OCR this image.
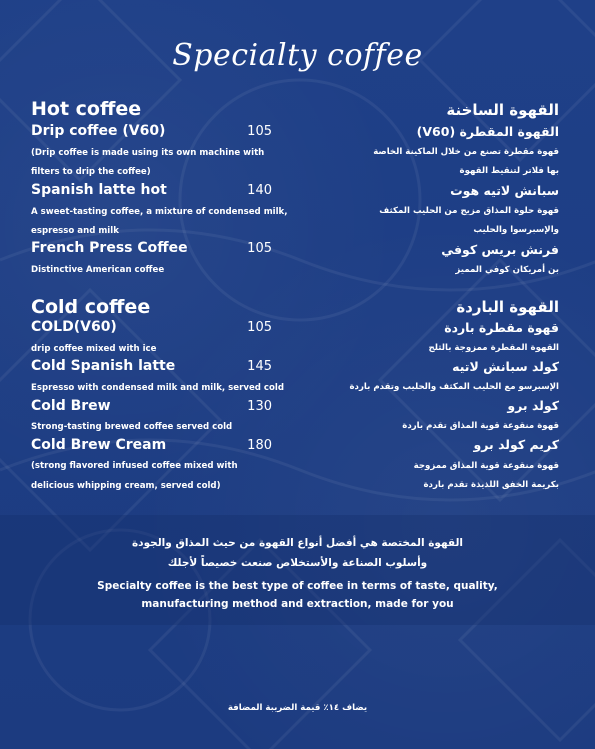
Specialty coffee
Hot coffee
Drip coffee (V60)
(Drip coffee is made using its own machine with
filters to drip the coffee)
Spanish latte hot
A sweet-tasting coffee, a mixture of condensed milk,
espresso and milk
French Press Coffee
Distinctive American coffee
Cold coffee
COLD(V60)
drip coffee mixed with ice
Cold Spanish latte
Espresso with condensed milk and milk, served cold
Cold Brew
Strong-tasting brewed coffee served cold
Cold Brew Cream
(strong flavored infused coffee mixed with
delicious whipping cream, served cold)
105
140
105
105
145
130
180
القهوة الساخنة
القهوة المقطرة (V60)
قهوة مقطرة تصنع من خلال الماكينة الخاصة
بها فلاتر لتنقيط القهوة
سبانش لاتيه هوت
قهوة حلوة المذاق مزيج من الحليب المكثف
والإسبرسوا والحليب
فرنش بريس كوفي
بن أمريكان كوفي المميز
القهوة الباردة
قهوة مقطرة باردة
القهوة المقطرة ممزوجة بالثلج
كولد سبانش لاتيه
الإسبرسو مع الحليب المكثف والحليب وتقدم باردة
كولد برو
قهوة منقوعة قوية المذاق تقدم باردة
كريم كولد برو
قهوة منقوعة قوية المذاق ممزوجة
بكريمة الخفق اللذيذة تقدم باردة
القهوة المختصة هي أفضل أنواع القهوة من حيث المذاق والجودة
وأسلوب الصناعة والأستخلاص صنعت خصيصاً لأجلك
Specialty coffee is the best type of coffee in terms of taste, quality,
manufacturing method and extraction, made for you
يضاف ١٤٪ قيمة الضريبة المضافة
